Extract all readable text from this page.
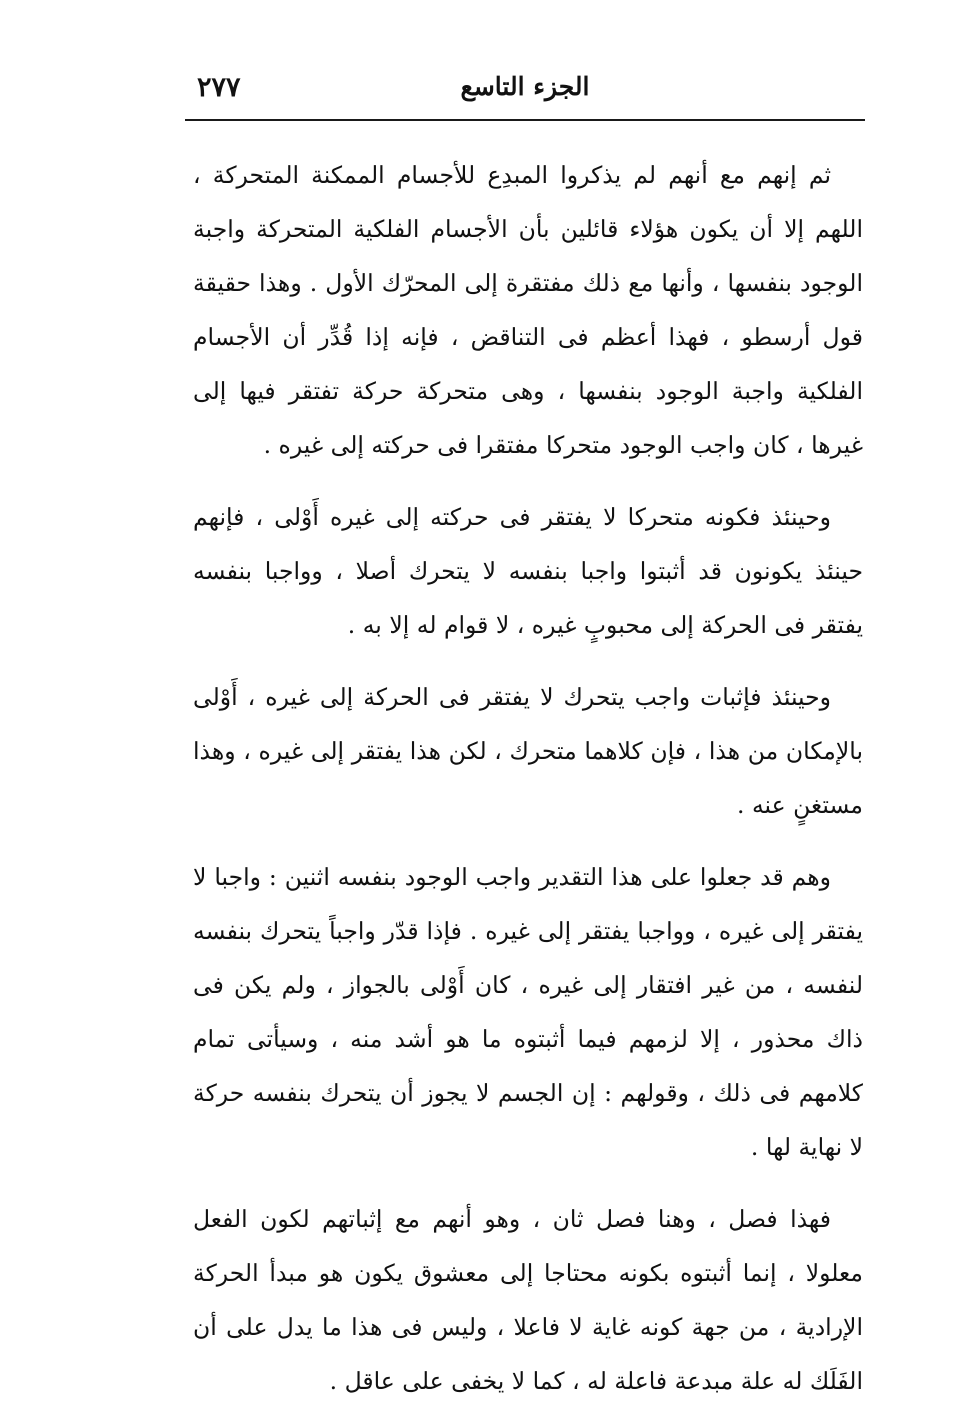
٢٧٧	الجزء التاسع

ثم إنهم مع أنهم لم يذكروا المبدِع للأجسام الممكنة المتحركة ، اللهم إلا أن يكون هؤلاء قائلين بأن الأجسام الفلكية المتحركة واجبة الوجود بنفسها ، وأنها مع ذلك مفتقرة إلى المحرّك الأول . وهذا حقيقة قول أرسطو ، فهذا أعظم فى التناقض ، فإنه إذا قُدِّر أن الأجسام الفلكية واجبة الوجود بنفسها ، وهى متحركة حركة تفتقر فيها إلى غيرها ، كان واجب الوجود متحركا مفتقرا فى حركته إلى غيره .

وحينئذ فكونه متحركا لا يفتقر فى حركته إلى غيره أَوْلى ، فإنهم حينئذ يكونون قد أثبتوا واجبا بنفسه لا يتحرك أصلا ، وواجبا بنفسه يفتقر فى الحركة إلى محبوبٍ غيره ، لا قوام له إلا به .

وحينئذ فإثبات واجب يتحرك لا يفتقر فى الحركة إلى غيره ، أَوْلى بالإمكان من هذا ، فإن كلاهما متحرك ، لكن هذا يفتقر إلى غيره ، وهذا مستغنٍ عنه .

وهم قد جعلوا على هذا التقدير واجب الوجود بنفسه اثنين : واجبا لا يفتقر إلى غيره ، وواجبا يفتقر إلى غيره . فإذا قدّر واجباً يتحرك بنفسه لنفسه ، من غير افتقار إلى غيره ، كان أَوْلى بالجواز ، ولم يكن فى ذاك محذور ، إلا لزمهم فيما أثبتوه ما هو أشد منه ، وسيأتى تمام كلامهم فى ذلك ، وقولهم : إن الجسم لا يجوز أن يتحرك بنفسه حركة لا نهاية لها .

فهذا فصل ، وهنا فصل ثان ، وهو أنهم مع إثباتهم لكون الفعل معلولا ، إنما أثبتوه بكونه محتاجا إلى معشوق يكون هو مبدأ الحركة الإرادية ، من جهة كونه غاية لا فاعلا ، وليس فى هذا ما يدل على أن الفَلَك له علة مبدعة فاعلة له ، كما لا يخفى على عاقل .
